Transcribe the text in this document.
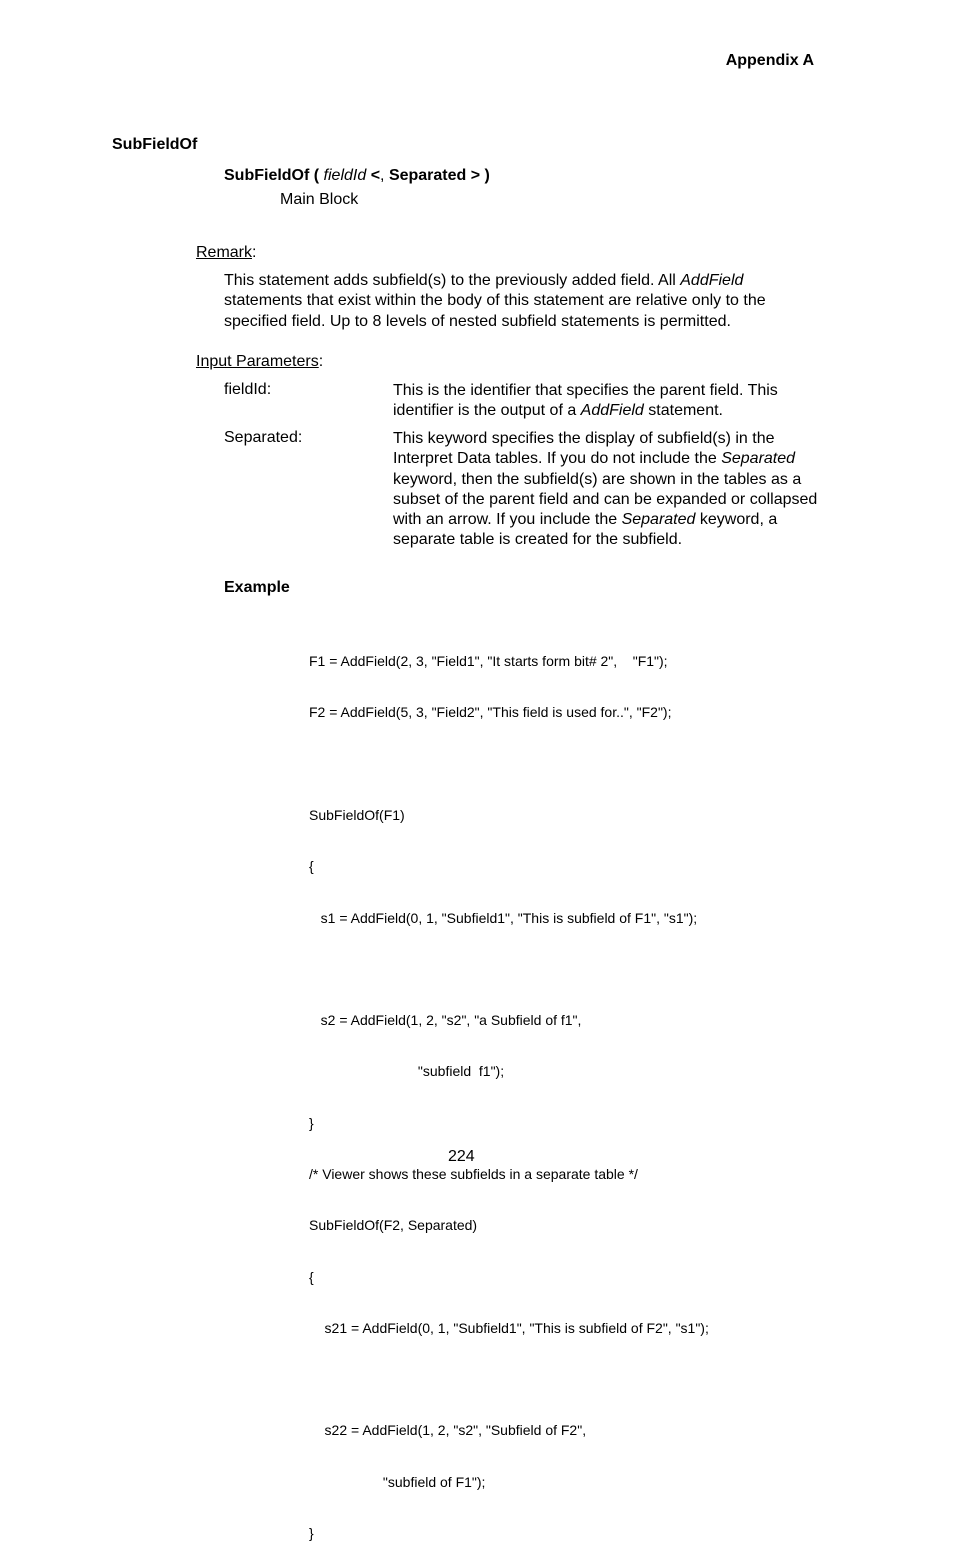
Appendix A
SubFieldOf
SubFieldOf ( fieldId <, Separated > )
Main Block
Remark:
This statement adds subfield(s) to the previously added field. All AddField statements that exist within the body of this statement are relative only to the specified field. Up to 8 levels of nested subfield statements is permitted.
Input Parameters:
fieldId:	This is the identifier that specifies the parent field. This identifier is the output of a AddField statement.
Separated:	This keyword specifies the display of subfield(s) in the Interpret Data tables. If you do not include the Separated keyword, then the subfield(s) are shown in the tables as a subset of the parent field and can be expanded or collapsed with an arrow. If you include the Separated keyword, a separate table is created for the subfield.
Example

F1 = AddField(2, 3, "Field1", "It starts form bit# 2",    "F1");

F2 = AddField(5, 3, "Field2", "This field is used for..", "F2");

SubFieldOf(F1)

{

s1 = AddField(0, 1, "Subfield1", "This is subfield of F1", "s1");

s2 = AddField(1, 2, "s2", "a Subfield of f1",

"subfield  f1");

}

/* Viewer shows these subfields in a separate table */

SubFieldOf(F2, Separated)

{

s21 = AddField(0, 1, "Subfield1", "This is subfield of F2", "s1");

s22 = AddField(1, 2, "s2", "Subfield of F2",

"subfield of F1");

}

224
